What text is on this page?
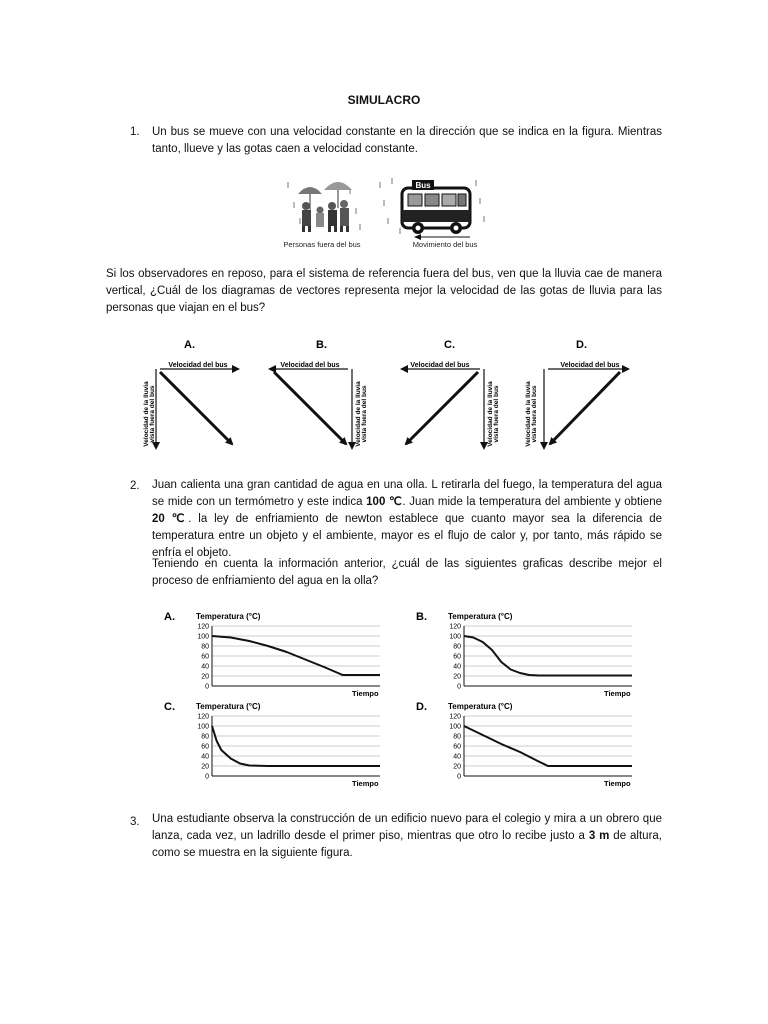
SIMULACRO
1. Un bus se mueve con una velocidad constante en la dirección que se indica en la figura. Mientras tanto, llueve y las gotas caen a velocidad constante.
Bus
Personas fuera del bus	Movimiento del bus
Si los observadores en reposo, para el sistema de referencia fuera del bus, ven que la lluvia cae de manera vertical, ¿Cuál de los diagramas de vectores representa mejor la velocidad de las gotas de lluvia para las personas que viajan en el bus?
A.
Velocidad del bus
Velocidad de la lluvia vista fuera del bus
B.
Velocidad del bus
Velocidad de la lluvia vista fuera del bus
C.
Velocidad del bus
Velocidad de la lluvia vista fuera del bus
D.
Velocidad del bus
Velocidad de la lluvia vista fuera del bus
2. Juan calienta una gran cantidad de agua en una olla. L retirarla del fuego, la temperatura del agua se mide con un termómetro y este indica 100 ℃. Juan mide la temperatura del ambiente y obtiene 20 ℃. la ley de enfriamiento de newton establece que cuanto mayor sea la diferencia de temperatura entre un objeto y el ambiente, mayor es el flujo de calor y, por tanto, más rápido se enfría el objeto.
Teniendo en cuenta la información anterior, ¿cuál de las siguientes graficas describe mejor el proceso de enfriamiento del agua en la olla?
A.	Temperatura (°C)
120
100
80
60
40
20
0
Tiempo
B.	Temperatura (°C)
120
100
80
60
40
20
0
Tiempo
C.	Temperatura (°C)
120
100
80
60
40
20
0
Tiempo
D.	Temperatura (°C)
120
100
80
60
40
20
0
Tiempo
3. Una estudiante observa la construcción de un edificio nuevo para el colegio y mira a un obrero que lanza, cada vez, un ladrillo desde el primer piso, mientras que otro lo recibe justo a 3 m de altura, como se muestra en la siguiente figura.
